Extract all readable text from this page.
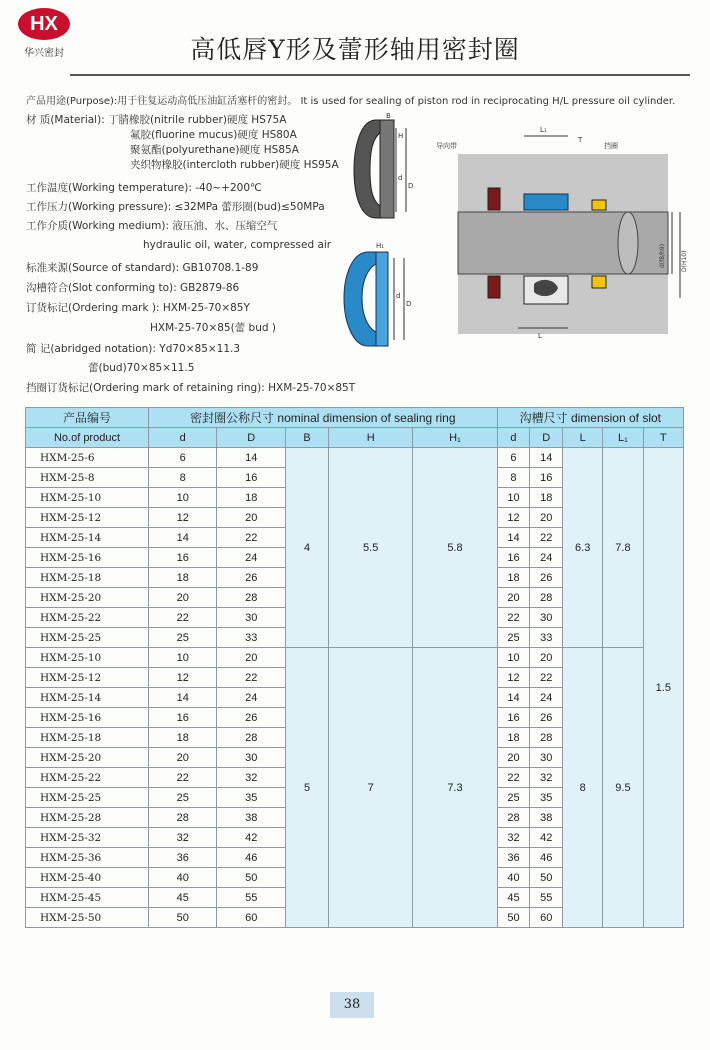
HX
华兴密封	高低唇Y形及蕾形轴用密封圈
产品用途(Purpose):用于往复运动高低压油缸活塞杆的密封。 It is used for sealing of piston rod in reciprocating H/L pressure oil cylinder.
材 质(Material): 丁腈橡胶(nitrile rubber)硬度 HS75A
氟胶(fluorine mucus)硬度 HS80A
聚氨酯(polyurethane)硬度 HS85A
夹织物橡胶(intercloth rubber)硬度 HS95A
工作温度(Working temperature): -40~+200℃
工作压力(Working pressure): ≤32MPa 蕾形圈(bud)≤50MPa
工作介质(Working medium): 液压油、水、压缩空气
hydraulic oil, water, compressed air
标准来源(Source of standard): GB10708.1-89
沟槽符合(Slot conforming to): GB2879-86
订货标记(Ordering mark ): HXM-25-70×85Y
HXM-25-70×85(蕾 bud )
简 记(abridged notation): Yd70×85×11.3
蕾(bud)70×85×11.5
挡圈订货标记(Ordering mark of retaining ring): HXM-25-70×85T
B
H
d
D
H₁
d
D
导向带	挡圈
L₁
T
L
d(f8/h9)	D(H10)
产品编号	密封圈公称尺寸 nominal dimension of sealing ring					沟槽尺寸 dimension of slot				
No.of product	d	D	B	H	H₁	d	D	L	L₁	T
HXM-25-6	6	14	4	5.5	5.8	6	14	6.3	7.8	1.5
HXM-25-8	8	16				8	16			
HXM-25-10	10	18				10	18			
HXM-25-12	12	20				12	20			
HXM-25-14	14	22				14	22			
HXM-25-16	16	24				16	24			
HXM-25-18	18	26				18	26			
HXM-25-20	20	28				20	28			
HXM-25-22	22	30				22	30			
HXM-25-25	25	33				25	33			
HXM-25-10	10	20	5	7	7.3	10	20	8	9.5	
HXM-25-12	12	22				12	22			
HXM-25-14	14	24				14	24			
HXM-25-16	16	26				16	26			
HXM-25-18	18	28				18	28			
HXM-25-20	20	30				20	30			
HXM-25-22	22	32				22	32			
HXM-25-25	25	35				25	35			
HXM-25-28	28	38				28	38			
HXM-25-32	32	42				32	42			
HXM-25-36	36	46				36	46			
HXM-25-40	40	50				40	50			
HXM-25-45	45	55				45	55			
HXM-25-50	50	60				50	60			
38
